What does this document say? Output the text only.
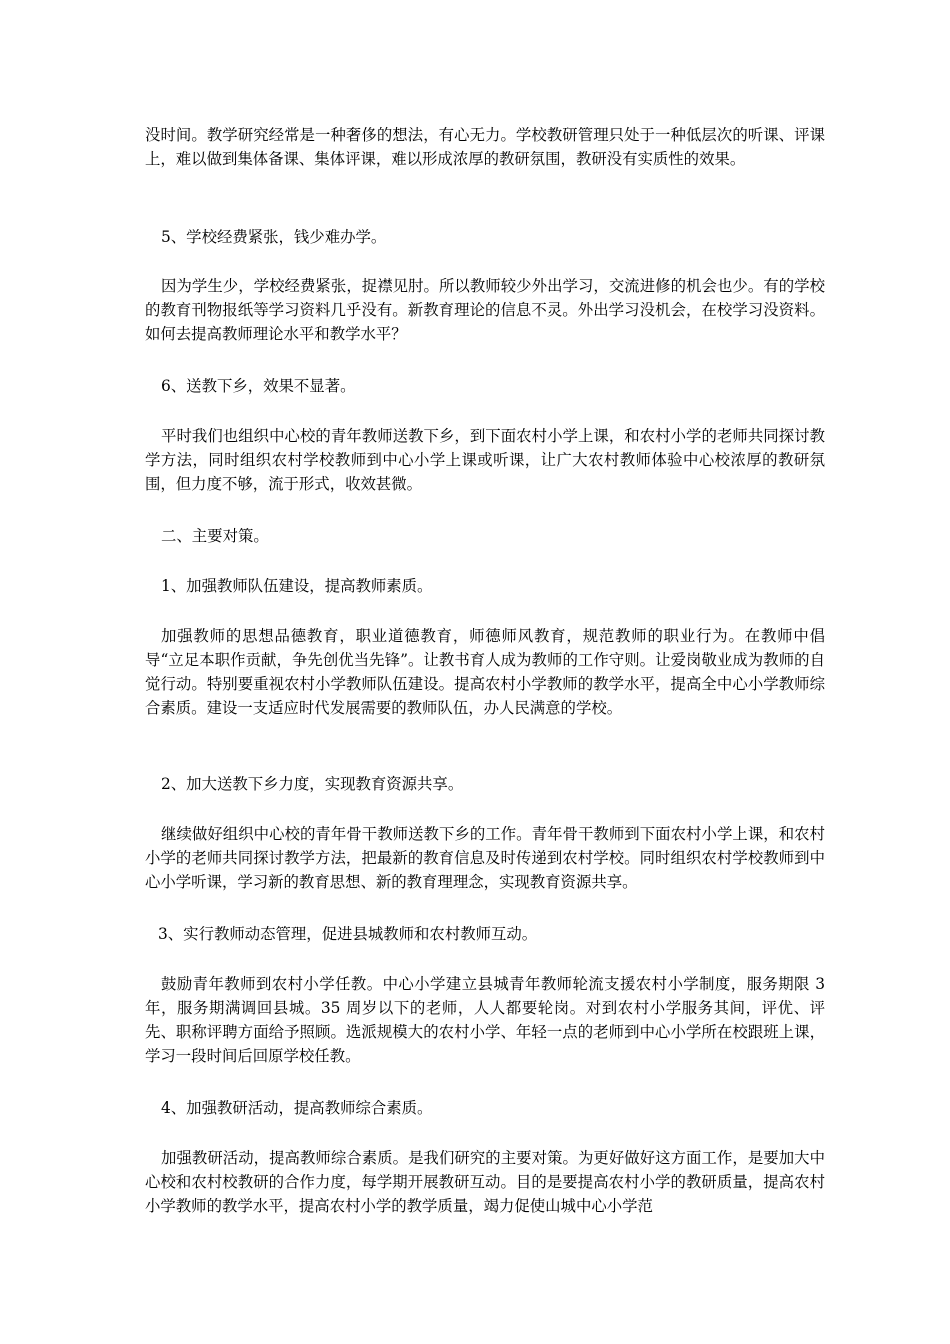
没时间。教学研究经常是一种奢侈的想法，有心无力。学校教研管理只处于一种低层次的听课、评课上，难以做到集体备课、集体评课，难以形成浓厚的教研氛围，教研没有实质性的效果。
5、学校经费紧张，钱少难办学。
因为学生少，学校经费紧张，捉襟见肘。所以教师较少外出学习，交流进修的机会也少。有的学校的教育刊物报纸等学习资料几乎没有。新教育理论的信息不灵。外出学习没机会，在校学习没资料。如何去提高教师理论水平和教学水平？
6、送教下乡，效果不显著。
平时我们也组织中心校的青年教师送教下乡，到下面农村小学上课，和农村小学的老师共同探讨教学方法，同时组织农村学校教师到中心小学上课或听课，让广大农村教师体验中心校浓厚的教研氛围，但力度不够，流于形式，收效甚微。
二、主要对策。
1、加强教师队伍建设，提高教师素质。
加强教师的思想品德教育，职业道德教育，师德师风教育，规范教师的职业行为。在教师中倡导“立足本职作贡献，争先创优当先锋”。让教书育人成为教师的工作守则。让爱岗敬业成为教师的自觉行动。特别要重视农村小学教师队伍建设。提高农村小学教师的教学水平，提高全中心小学教师综合素质。建设一支适应时代发展需要的教师队伍，办人民满意的学校。
2、加大送教下乡力度，实现教育资源共享。
继续做好组织中心校的青年骨干教师送教下乡的工作。青年骨干教师到下面农村小学上课，和农村小学的老师共同探讨教学方法，把最新的教育信息及时传递到农村学校。同时组织农村学校教师到中心小学听课，学习新的教育思想、新的教育理理念，实现教育资源共享。
3、实行教师动态管理，促进县城教师和农村教师互动。
鼓励青年教师到农村小学任教。中心小学建立县城青年教师轮流支援农村小学制度，服务期限 3 年，服务期满调回县城。35 周岁以下的老师，人人都要轮岗。对到农村小学服务其间，评优、评先、职称评聘方面给予照顾。选派规模大的农村小学、年轻一点的老师到中心小学所在校跟班上课，学习一段时间后回原学校任教。
4、加强教研活动，提高教师综合素质。
加强教研活动，提高教师综合素质。是我们研究的主要对策。为更好做好这方面工作，是要加大中心校和农村校教研的合作力度，每学期开展教研互动。目的是要提高农村小学的教研质量，提高农村小学教师的教学水平，提高农村小学的教学质量，竭力促使山城中心小学范
